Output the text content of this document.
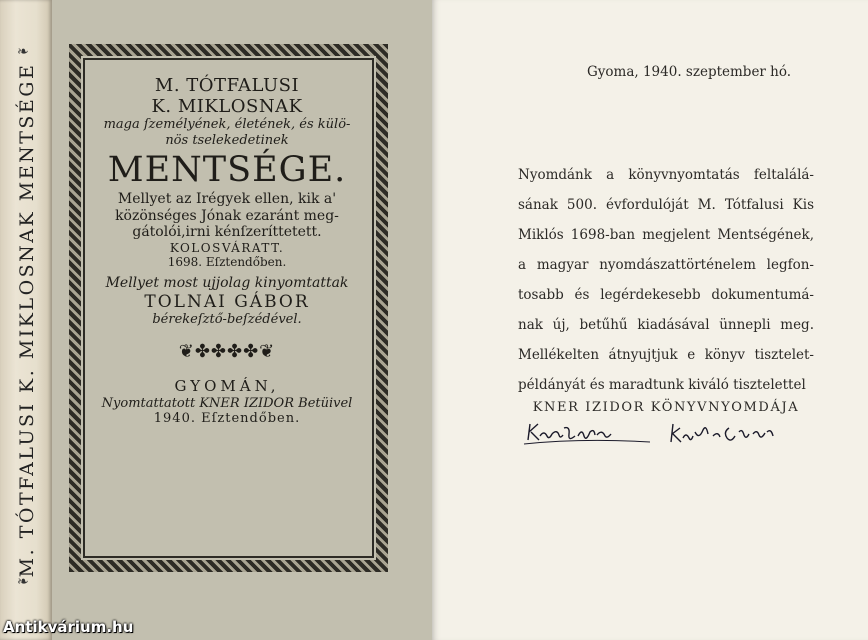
❧
M. TÓTFALUSI K. MIKLOSNAK MENTSÉGE
❧
M. TÓTFALUSI
K. MIKLOSNAK
maga ſzemélyének, életének, és külö-
nös tselekedetinek
MENTSÉGE.
Mellyet az Irégyek ellen, kik a'
közönséges Jónak ezaránt meg-
gátolói,irni kénſzeríttetett.
KOLOSVÁRATT.
1698. Eſztendőben.
Mellyet most ujjolag kinyomtattak
TOLNAI GÁBOR
bérekeſztő-beſzédével.
❦✤✤✤✤❦
GYOMÁN,
Nyomtattatott KNER IZIDOR Betüivel
1940. Eſztendőben.
Gyoma, 1940. szeptember hó.
Nyomdánk a könyvnyomtatás feltalálá-
sának 500. évfordulóját M. Tótfalusi Kis
Miklós 1698-ban megjelent Mentségének,
a magyar nyomdászattörténelem legfon-
tosabb és legérdekesebb dokumentumá-
nak új, betűhű kiadásával ünnepli meg.
Mellékelten átnyujtjuk e könyv tisztelet-
példányát és maradtunk kiváló tisztelettel
KNER IZIDOR KÖNYVNYOMDÁJA
Antikvárium.hu
